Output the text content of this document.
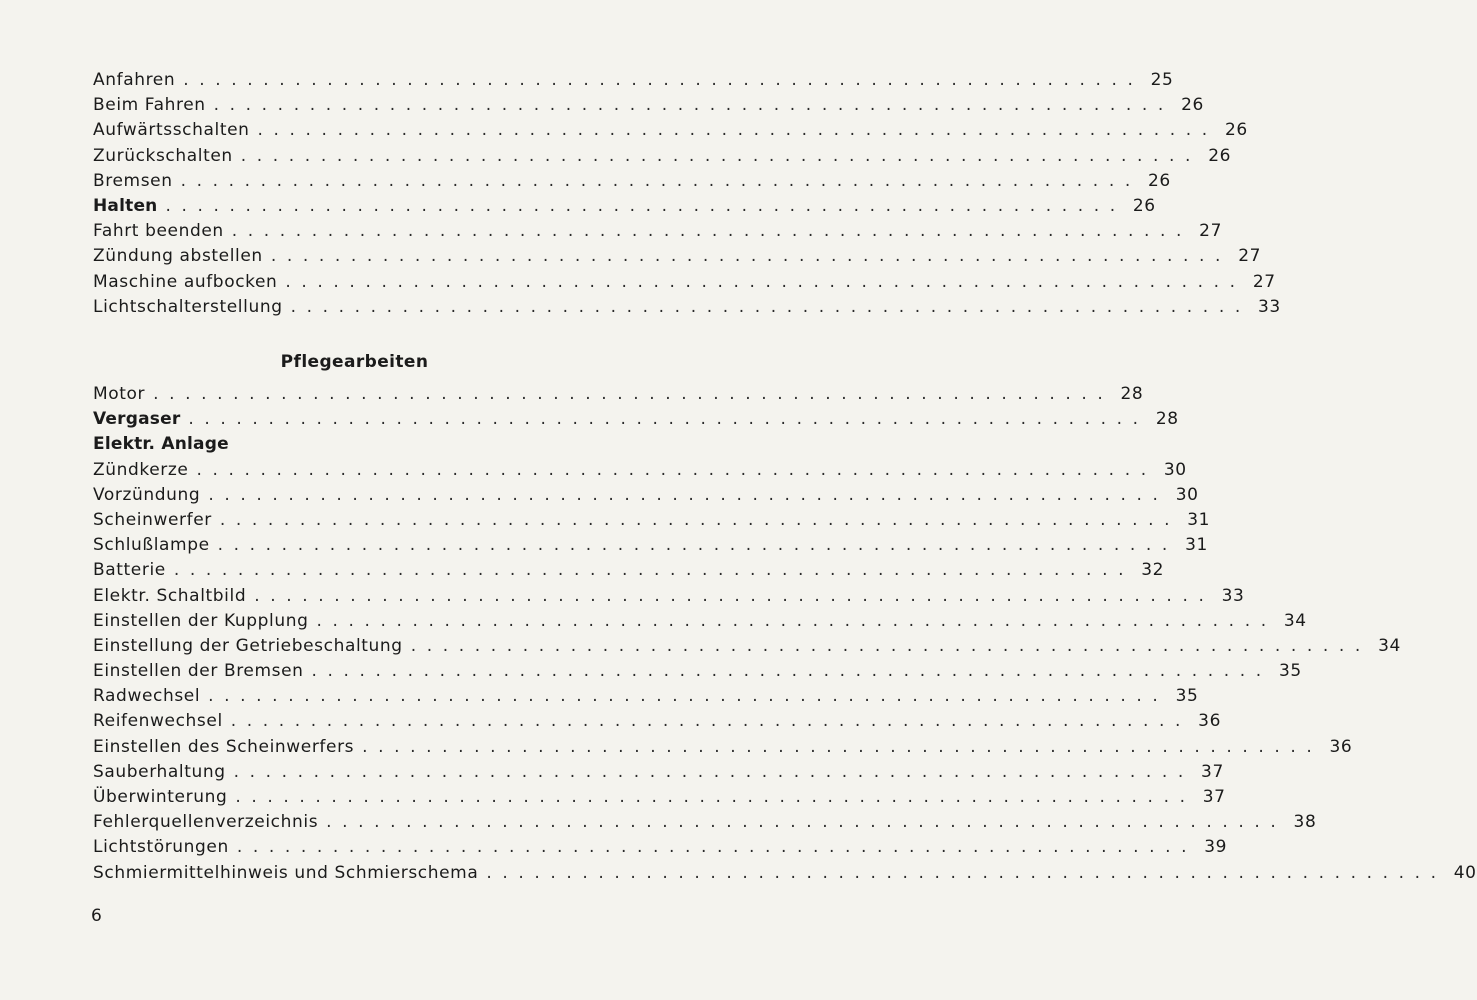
Anfahren ............................................................ 25
Beim Fahren ............................................................ 26
Aufwärtsschalten ............................................................ 26
Zurückschalten ............................................................ 26
Bremsen ............................................................ 26
Halten ............................................................ 26
Fahrt beenden ............................................................ 27
Zündung abstellen ............................................................ 27
Maschine aufbocken ............................................................ 27
Lichtschalterstellung ............................................................ 33
Pflegearbeiten
Motor ............................................................ 28
Vergaser ............................................................ 28
Elektr. Anlage
Zündkerze ............................................................ 30
Vorzündung ............................................................ 30
Scheinwerfer ............................................................ 31
Schlußlampe ............................................................ 31
Batterie ............................................................ 32
Elektr. Schaltbild ............................................................ 33
Einstellen der Kupplung ............................................................ 34
Einstellung der Getriebeschaltung ............................................................ 34
Einstellen der Bremsen ............................................................ 35
Radwechsel ............................................................ 35
Reifenwechsel ............................................................ 36
Einstellen des Scheinwerfers ............................................................ 36
Sauberhaltung ............................................................ 37
Überwinterung ............................................................ 37
Fehlerquellenverzeichnis ............................................................ 38
Lichtstörungen ............................................................ 39
Schmiermittelhinweis und Schmierschema ............................................................ 40
6
